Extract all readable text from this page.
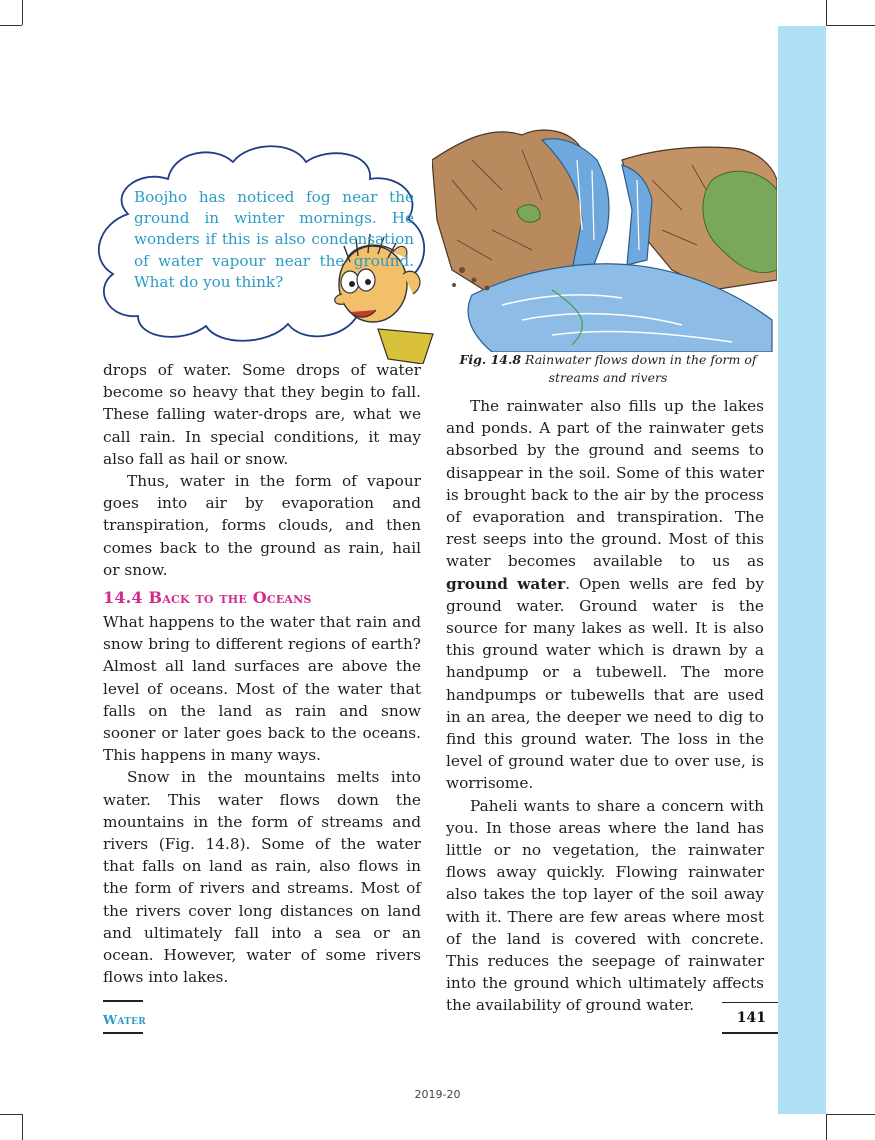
Boojho has noticed fog near the ground in winter mornings. He wonders if this is also condensation of water vapour near the ground. What do you think?
Fig. 14.8 Rainwater flows down in the form of streams and rivers

drops of water. Some drops of water become so heavy that they begin to fall. These falling water-drops are, what we call rain. In special conditions, it may also fall as hail or snow.

Thus, water in the form of vapour goes into air by evaporation and transpiration, forms clouds, and then comes back to the ground as rain, hail or snow.

14.4 Back to the Oceans

What happens to the water that rain and snow bring to different regions of earth? Almost all land surfaces are above the level of oceans. Most of the water that falls on the land as rain and snow sooner or later goes back to the oceans. This happens in many ways.

Snow in the mountains melts into water. This water flows down the mountains in the form of streams and rivers (Fig. 14.8). Some of the water that falls on land as rain, also flows in the form of rivers and streams. Most of the rivers cover long distances on land and ultimately fall into a sea or an ocean. However, water of some rivers flows into lakes.

The rainwater also fills up the lakes and ponds. A part of the rainwater gets absorbed by the ground and seems to disappear in the soil. Some of this water is brought back to the air by the process of evaporation and transpiration. The rest seeps into the ground. Most of this water becomes available to us as ground water. Open wells are fed by ground water. Ground water is the source for many lakes as well. It is also this ground water which is drawn by a handpump or a tubewell. The more handpumps or tubewells that are used in an area, the deeper we need to dig to find this ground water. The loss in the level of ground water due to over use, is worrisome.

Paheli wants to share a concern with you. In those areas where the land has little or no vegetation, the rainwater flows away quickly. Flowing rainwater also takes the top layer of the soil away with it. There are few areas where most of the land is covered with concrete. This reduces the seepage of rainwater into the ground which ultimately affects the availability of ground water.

Water	141
2019-20
